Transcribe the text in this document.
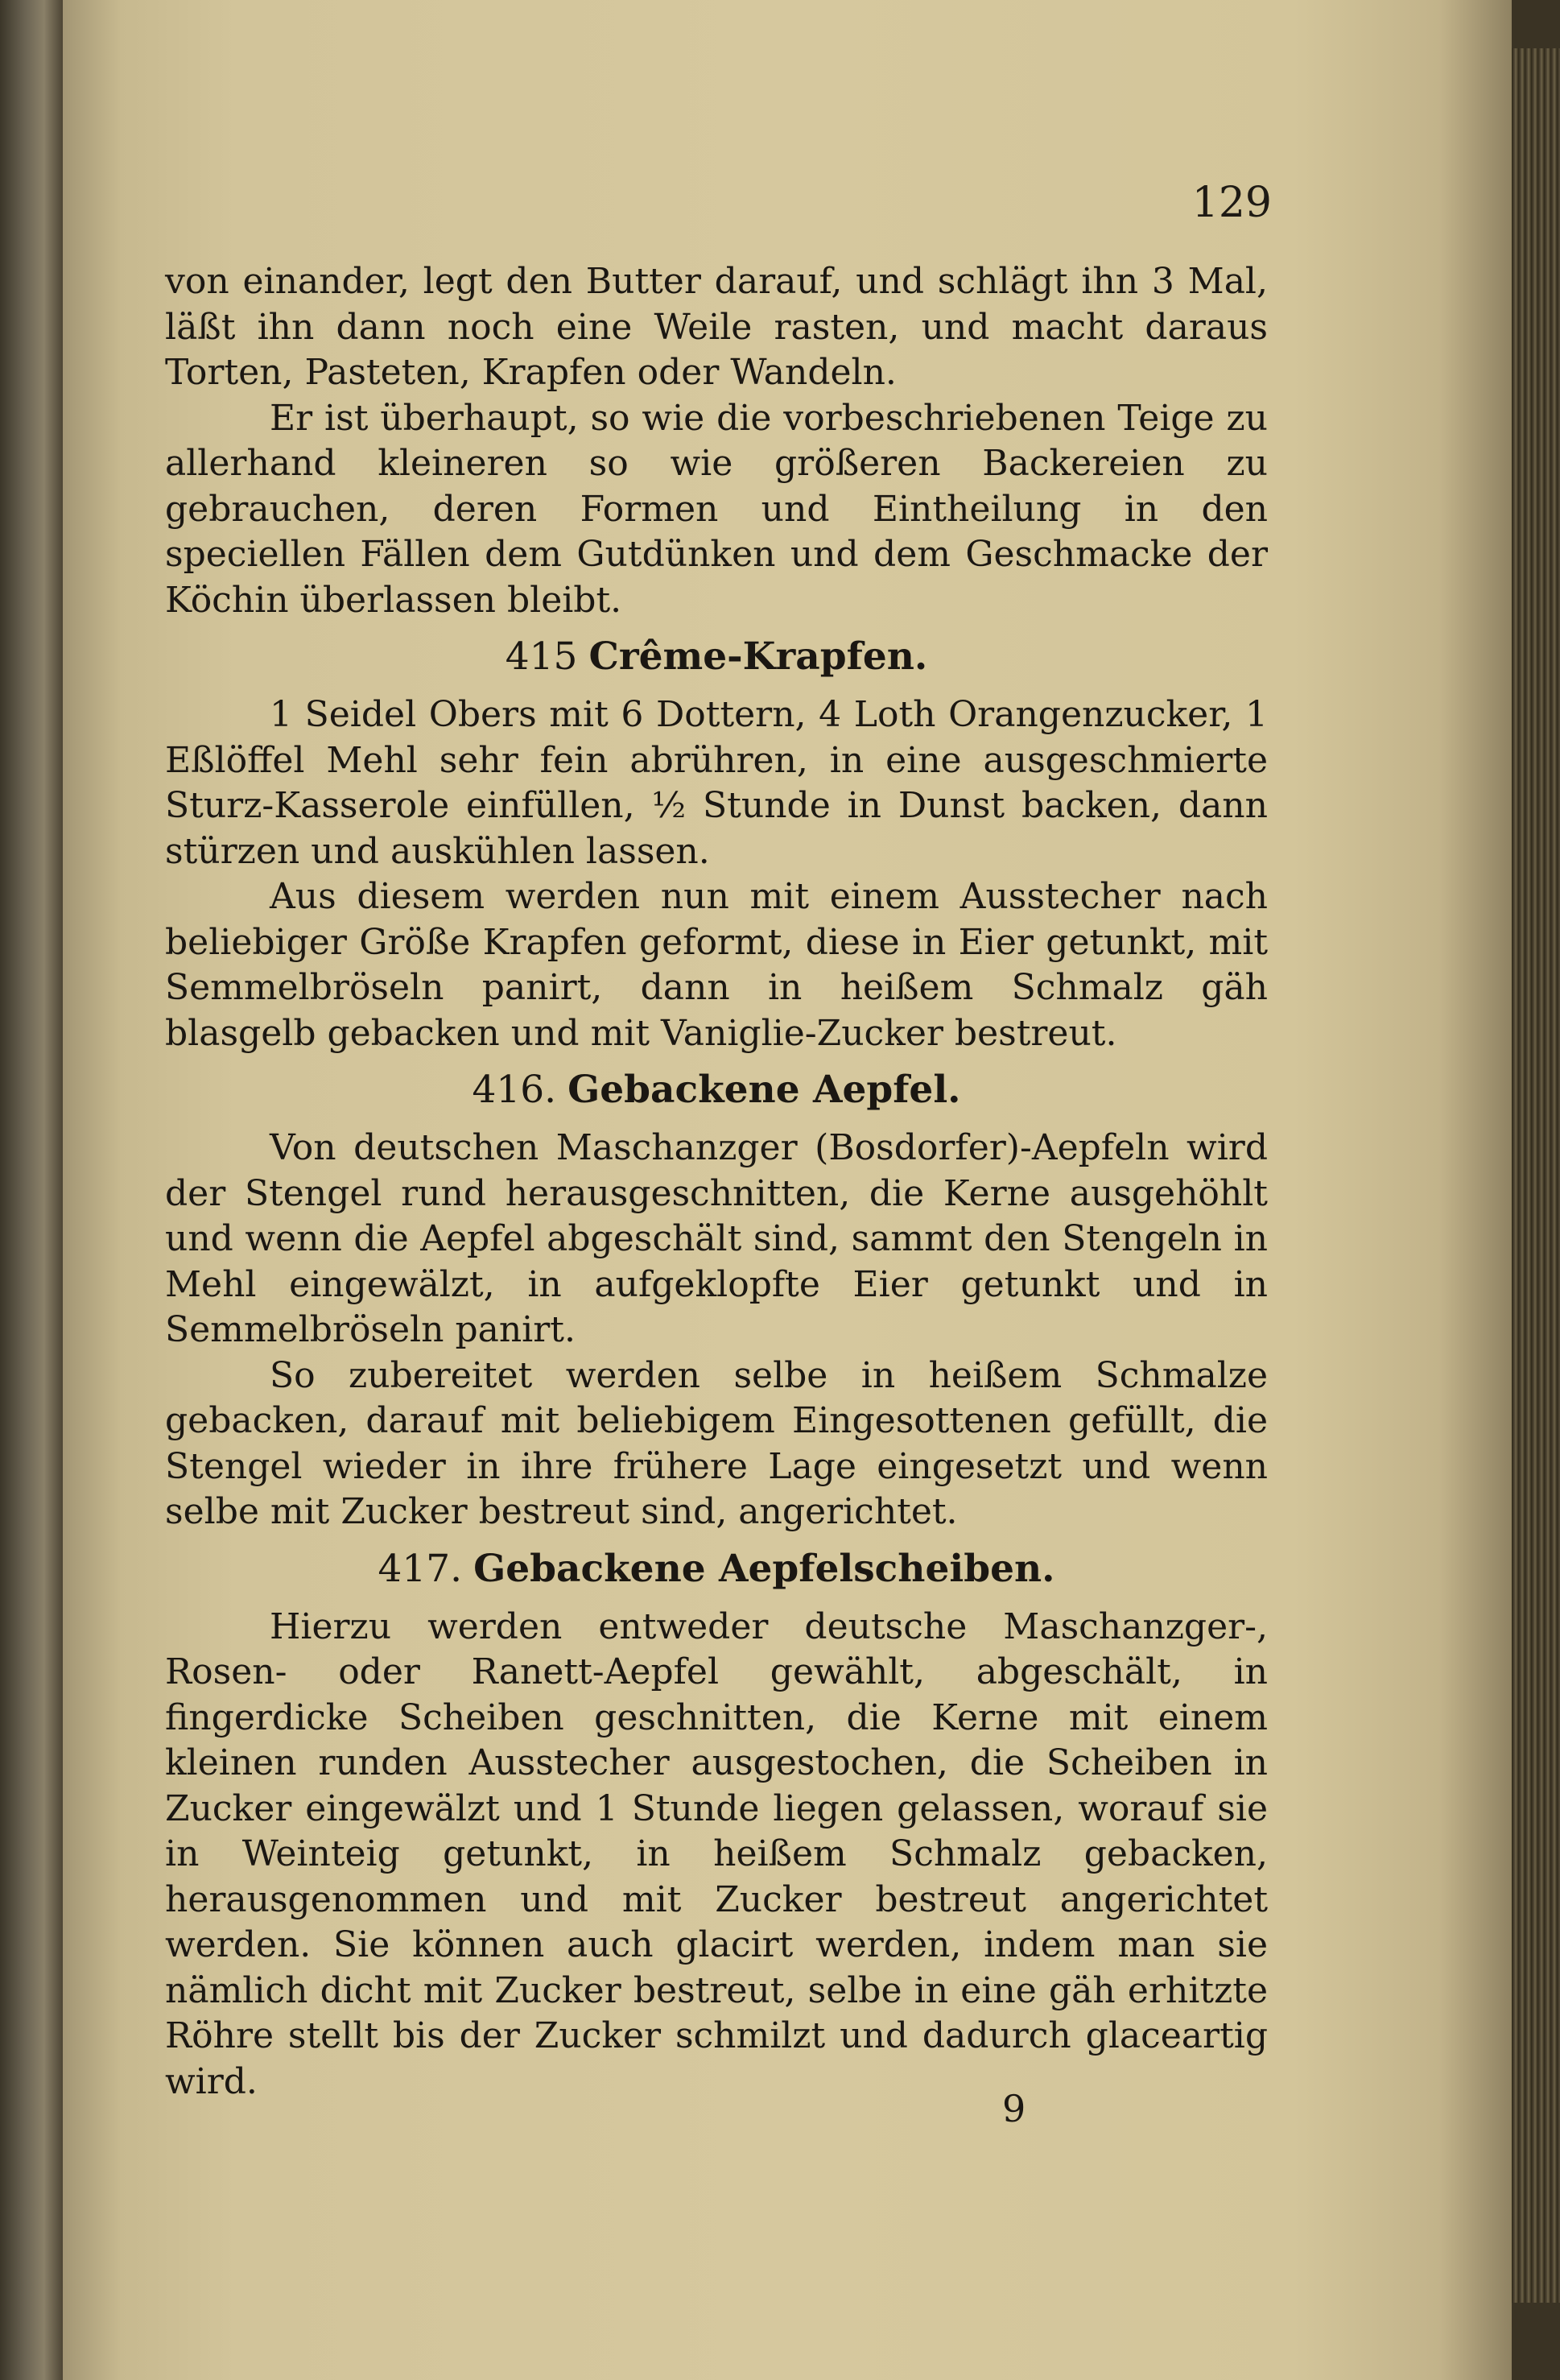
129

von einander, legt den Butter darauf, und schlägt ihn 3 Mal, läßt ihn dann noch eine Weile rasten, und macht daraus Torten, Pasteten, Krapfen oder Wandeln.

Er ist überhaupt, so wie die vorbeschriebenen Teige zu allerhand kleineren so wie größeren Backereien zu gebrauchen, deren Formen und Eintheilung in den speciellen Fällen dem Gutdünken und dem Geschmacke der Köchin überlassen bleibt.

415 Crême-Krapfen.

1 Seidel Obers mit 6 Dottern, 4 Loth Orangenzucker, 1 Eßlöffel Mehl sehr fein abrühren, in eine ausgeschmierte Sturz-Kasserole einfüllen, ½ Stunde in Dunst backen, dann stürzen und auskühlen lassen.

Aus diesem werden nun mit einem Ausstecher nach beliebiger Größe Krapfen geformt, diese in Eier getunkt, mit Semmelbröseln panirt, dann in heißem Schmalz gäh blasgelb gebacken und mit Vaniglie-Zucker bestreut.

416. Gebackene Aepfel.

Von deutschen Maschanzger (Bosdorfer)-Aepfeln wird der Stengel rund herausgeschnitten, die Kerne ausgehöhlt und wenn die Aepfel abgeschält sind, sammt den Stengeln in Mehl eingewälzt, in aufgeklopfte Eier getunkt und in Semmelbröseln panirt.

So zubereitet werden selbe in heißem Schmalze gebacken, darauf mit beliebigem Eingesottenen gefüllt, die Stengel wieder in ihre frühere Lage eingesetzt und wenn selbe mit Zucker bestreut sind, angerichtet.

417. Gebackene Aepfelscheiben.

Hierzu werden entweder deutsche Maschanzger-, Rosen- oder Ranett-Aepfel gewählt, abgeschält, in fingerdicke Scheiben geschnitten, die Kerne mit einem kleinen runden Ausstecher ausgestochen, die Scheiben in Zucker eingewälzt und 1 Stunde liegen gelassen, worauf sie in Weinteig getunkt, in heißem Schmalz gebacken, herausgenommen und mit Zucker bestreut angerichtet werden. Sie können auch glacirt werden, indem man sie nämlich dicht mit Zucker bestreut, selbe in eine gäh erhitzte Röhre stellt bis der Zucker schmilzt und dadurch glaceartig wird.

9
